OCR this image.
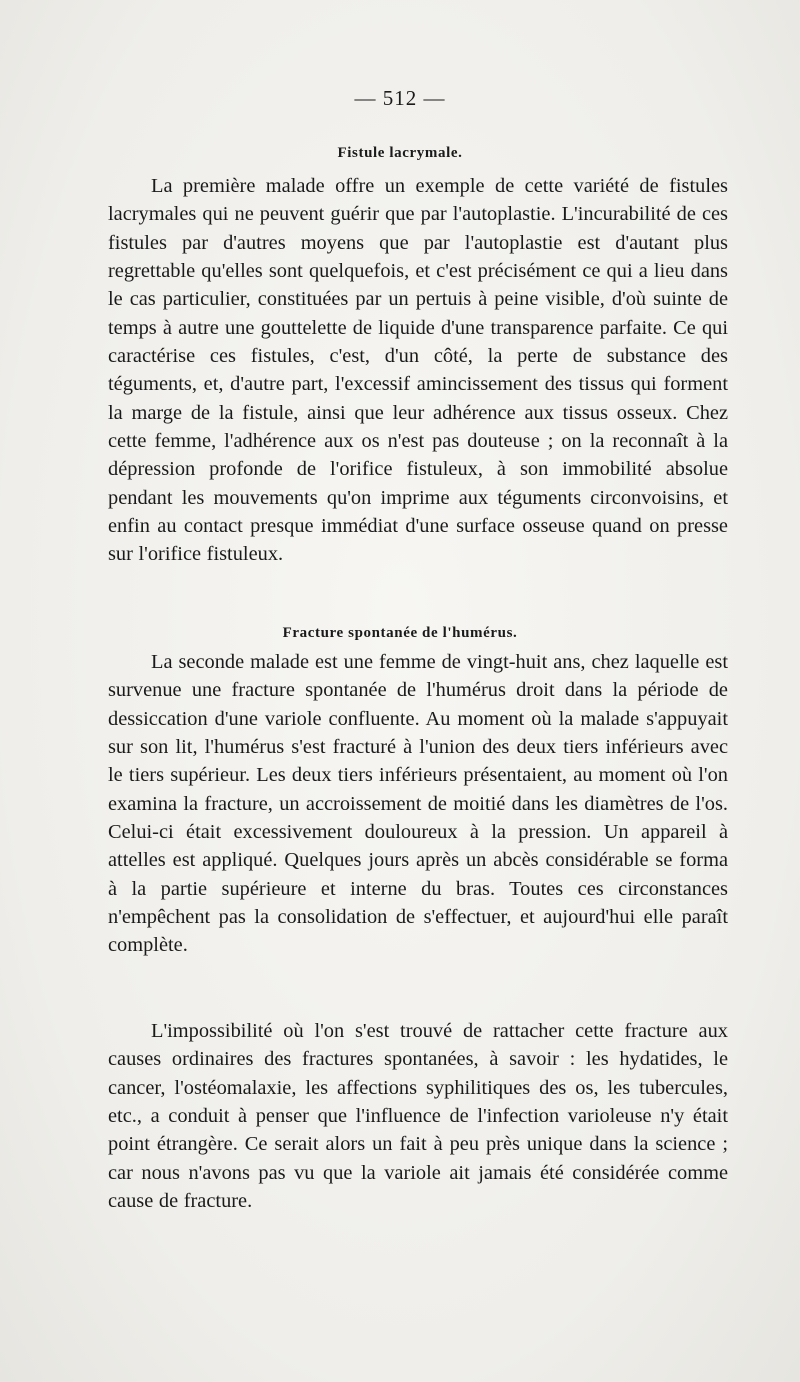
— 512 —
Fistule lacrymale.

La première malade offre un exemple de cette variété de fistules lacrymales qui ne peuvent guérir que par l'autoplastie. L'incurabilité de ces fistules par d'autres moyens que par l'autoplastie est d'autant plus regrettable qu'elles sont quelquefois, et c'est précisément ce qui a lieu dans le cas particulier, constituées par un pertuis à peine visible, d'où suinte de temps à autre une gouttelette de liquide d'une transparence parfaite. Ce qui caractérise ces fistules, c'est, d'un côté, la perte de substance des téguments, et, d'autre part, l'excessif amincissement des tissus qui forment la marge de la fistule, ainsi que leur adhérence aux tissus osseux. Chez cette femme, l'adhérence aux os n'est pas douteuse ; on la reconnaît à la dépression profonde de l'orifice fistuleux, à son immobilité absolue pendant les mouvements qu'on imprime aux téguments circonvoisins, et enfin au contact presque immédiat d'une surface osseuse quand on presse sur l'orifice fistuleux.

Fracture spontanée de l'humérus.

La seconde malade est une femme de vingt-huit ans, chez laquelle est survenue une fracture spontanée de l'humérus droit dans la période de dessiccation d'une variole confluente. Au moment où la malade s'appuyait sur son lit, l'humérus s'est fracturé à l'union des deux tiers inférieurs avec le tiers supérieur. Les deux tiers inférieurs présentaient, au moment où l'on examina la fracture, un accroissement de moitié dans les diamètres de l'os. Celui-ci était excessivement douloureux à la pression. Un appareil à attelles est appliqué. Quelques jours après un abcès considérable se forma à la partie supérieure et interne du bras. Toutes ces circonstances n'empêchent pas la consolidation de s'effectuer, et aujourd'hui elle paraît complète.

L'impossibilité où l'on s'est trouvé de rattacher cette fracture aux causes ordinaires des fractures spontanées, à savoir : les hydatides, le cancer, l'ostéomalaxie, les affections syphilitiques des os, les tubercules, etc., a conduit à penser que l'influence de l'infection varioleuse n'y était point étrangère. Ce serait alors un fait à peu près unique dans la science ; car nous n'avons pas vu que la variole ait jamais été considérée comme cause de fracture.
